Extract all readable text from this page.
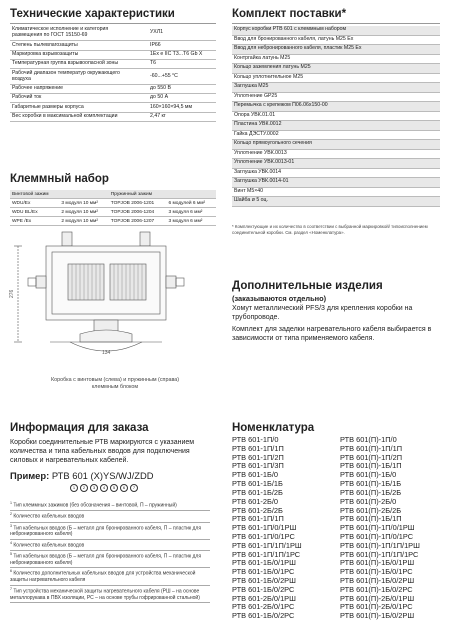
Технические характеристики
Климатическое исполнение и категория размещения по ГОСТ 15150-69	УХЛ1
Степень пылевлагозащиты	IP66
Маркировка взрывозащиты	1Ex e IIC T3...T6 Gb X
Температурная группа взрывоопасной зоны	Т6
Рабочий диапазон температур окружающего воздуха	-60...+55 °С
Рабочее напряжение	до 550 В
Рабочий ток	до 50 А
Габаритные размеры корпуса	160×160×94,5 мм
Вес коробки в максимальной комплектации	2,47 кг
Комплект поставки*
Корпус коробки РТВ 601 с клеммным набором
Ввод для бронированного кабеля, латунь M25 Ex
Ввод для небронированного кабеля, пластик M25 Ex
Контргайка латунь M25
Кольцо заземления латунь M25
Кольцо уплотнительное M25
Заглушка M25
Уплотнение GP25
Перемычка с крепежом П06.06х150-00
Опора УВК.01.01
Пластина УВК.0012
Гайка ДЭСТУ.0002
Кольцо прямоугольного сечения
Уплотнение УВК.0013
Уплотнение УВК.0013-01
Заглушка УВК.0014
Заглушка УВК.0014-01
Винт M5×40
Шайба ø 5 оц.
* Комплектующие и их количество в соответствии с выбранной маркировкой/ типоисполнением соединительной коробки. См. раздел «Номенклатура».
Клеммный набор
Винтовой зажим		Пружинный зажим	
WDU/Ex	3 модуля 10 мм²	TOPJOB 2006-1201	6 модулей 6 мм²
WDU BL/Ex	2 модуля 10 мм²	TOPJOB 2006-1204	3 модуля 6 мм²
WPE /Ex	2 модуля 10 мм²	TOPJOB 2006-1207	3 модуля 6 мм²
276
134
Коробка с винтовым (слева) и пружинным (справа) клеммным блоком
Дополнительные изделия
(заказываются отдельно)
Хомут металлический PFS/3 для крепления коробки на трубопроводе.
Комплект для заделки нагревательного кабеля выбирается в зависимости от типа применяемого кабеля.
Информация для заказа
Коробки соединительные РТВ маркируются с указанием количества и типа кабельных вводов для подключения силовых и нагревательных кабелей.
Пример: РТВ 601 (X)YS/WJ/ZDD
1 2 3 4 5 6 7
$^1$ Тип клеммных зажимов (без обозначения – винтовой, П – пружинный)
$^2$ Количество кабельных вводов
$^3$ Тип кабельных вводов (Б – металл для бронированного кабеля, П – пластик для небронированного кабеля)
$^4$ Количество кабельных вводов
$^5$ Тип кабельных вводов (Б – металл для бронированного кабеля, П – пластик для небронированного кабеля)
$^6$ Количество дополнительных кабельных вводов для устройства механической защиты нагревательного кабеля
$^7$ Тип устройства механической защиты нагревательного кабеля (РШ – на основе металлорукава в ПВХ изоляции, РС – на основе трубы гофрированной стальной)
Номенклатура
РТВ 601-1П/0
РТВ 601-1П/1П
РТВ 601-1П/2П
РТВ 601-1П/3П
РТВ 601-1Б/0
РТВ 601-1Б/1Б
РТВ 601-1Б/2Б
РТВ 601-2Б/0
РТВ 601-2Б/2Б
РТВ 601-1П/1П
РТВ 601-1П/0/1РШ
РТВ 601-1П/0/1РС
РТВ 601-1П/1П/1РШ
РТВ 601-1П/1П/1РС
РТВ 601-1Б/0/1РШ
РТВ 601-1Б/0/1РС
РТВ 601-1Б/0/2РШ
РТВ 601-1Б/0/2РС
РТВ 601-2Б/0/1РШ
РТВ 601-2Б/0/1РС
РТВ 601-1Б/0/2РС
РТВ 601(П)-1П/0
РТВ 601(П)-1П/1П
РТВ 601(П)-1П/2П
РТВ 601(П)-1Б/1П
РТВ 601(П)-1Б/0
РТВ 601(П)-1Б/1Б
РТВ 601(П)-1Б/2Б
РТВ 601(П)-2Б/0
РТВ 601(П)-2Б/2Б
РТВ 601(П)-1Б/1П
РТВ 601(П)-1П/0/1РШ
РТВ 601(П)-1П/0/1РС
РТВ 601(П)-1П/1П/1РШ
РТВ 601(П)-1П/1П/1РС
РТВ 601(П)-1Б/0/1РШ
РТВ 601(П)-1Б/0/1РС
РТВ 601(П)-1Б/0/2РШ
РТВ 601(П)-1Б/0/2РС
РТВ 601(П)-2Б/0/1РШ
РТВ 601(П)-2Б/0/1РС
РТВ 601(П)-1Б/0/2РШ
